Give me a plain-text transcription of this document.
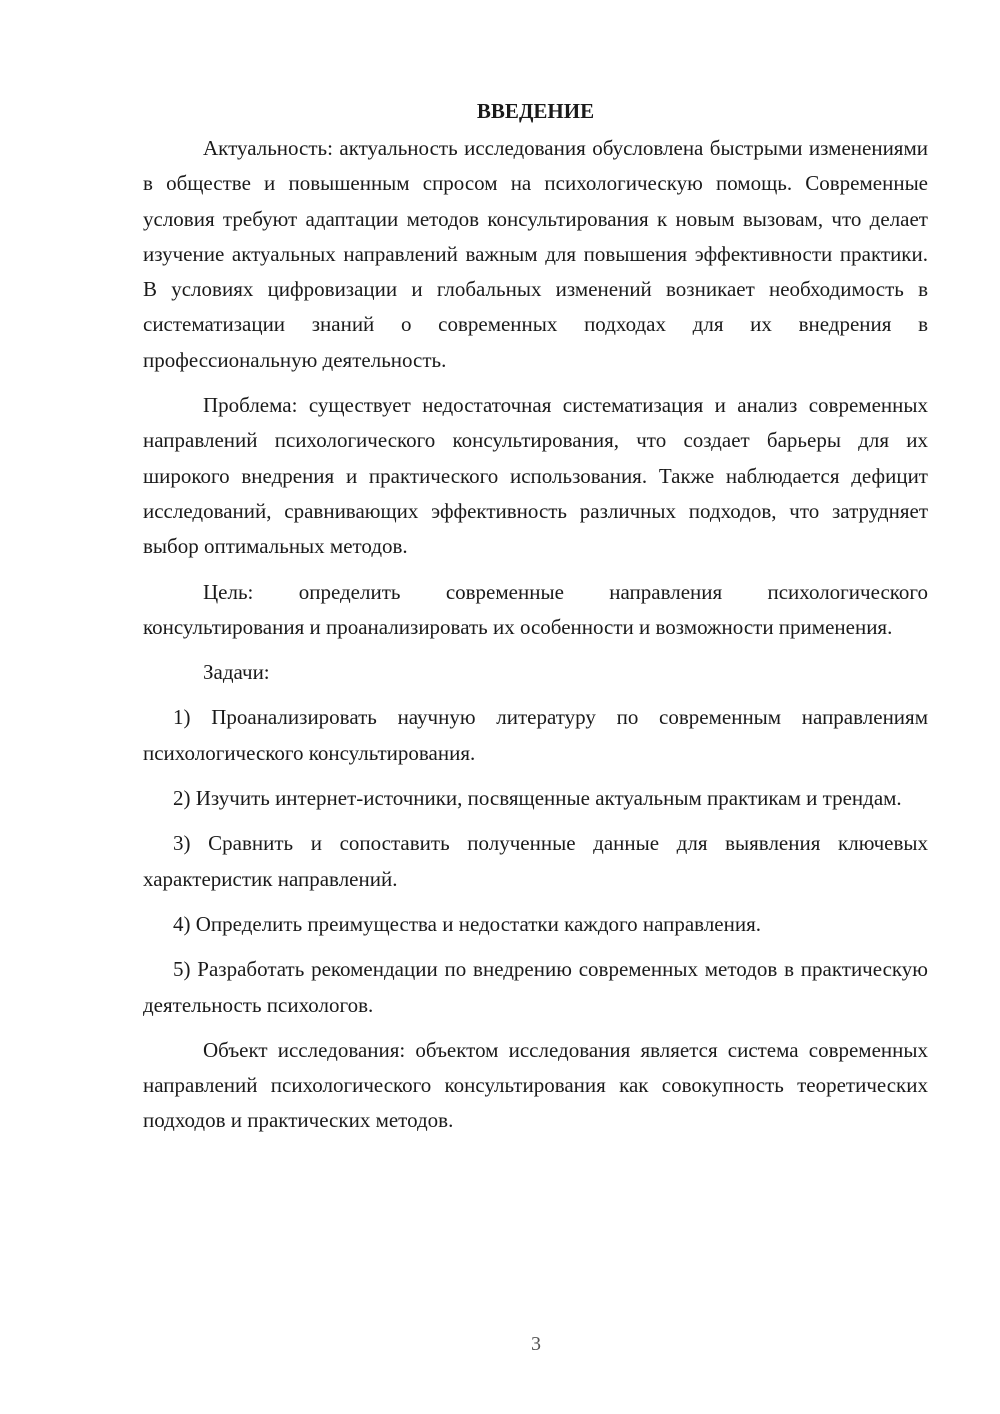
ВВЕДЕНИЕ

Актуальность: актуальность исследования обусловлена быстрыми изменениями в обществе и повышенным спросом на психологическую помощь. Современные условия требуют адаптации методов консультирования к новым вызовам, что делает изучение актуальных направлений важным для повышения эффективности практики. В условиях цифровизации и глобальных изменений возникает необходимость в систематизации знаний о современных подходах для их внедрения в профессиональную деятельность.

Проблема: существует недостаточная систематизация и анализ современных направлений психологического консультирования, что создает барьеры для их широкого внедрения и практического использования. Также наблюдается дефицит исследований, сравнивающих эффективность различных подходов, что затрудняет выбор оптимальных методов.

Цель: определить современные направления психологического консультирования и проанализировать их особенности и возможности применения.

Задачи:

1) Проанализировать научную литературу по современным направлениям психологического консультирования.

2) Изучить интернет-источники, посвященные актуальным практикам и трендам.

3) Сравнить и сопоставить полученные данные для выявления ключевых характеристик направлений.

4) Определить преимущества и недостатки каждого направления.

5) Разработать рекомендации по внедрению современных методов в практическую деятельность психологов.

Объект исследования: объектом исследования является система современных направлений психологического консультирования как совокупность теоретических подходов и практических методов.

3
